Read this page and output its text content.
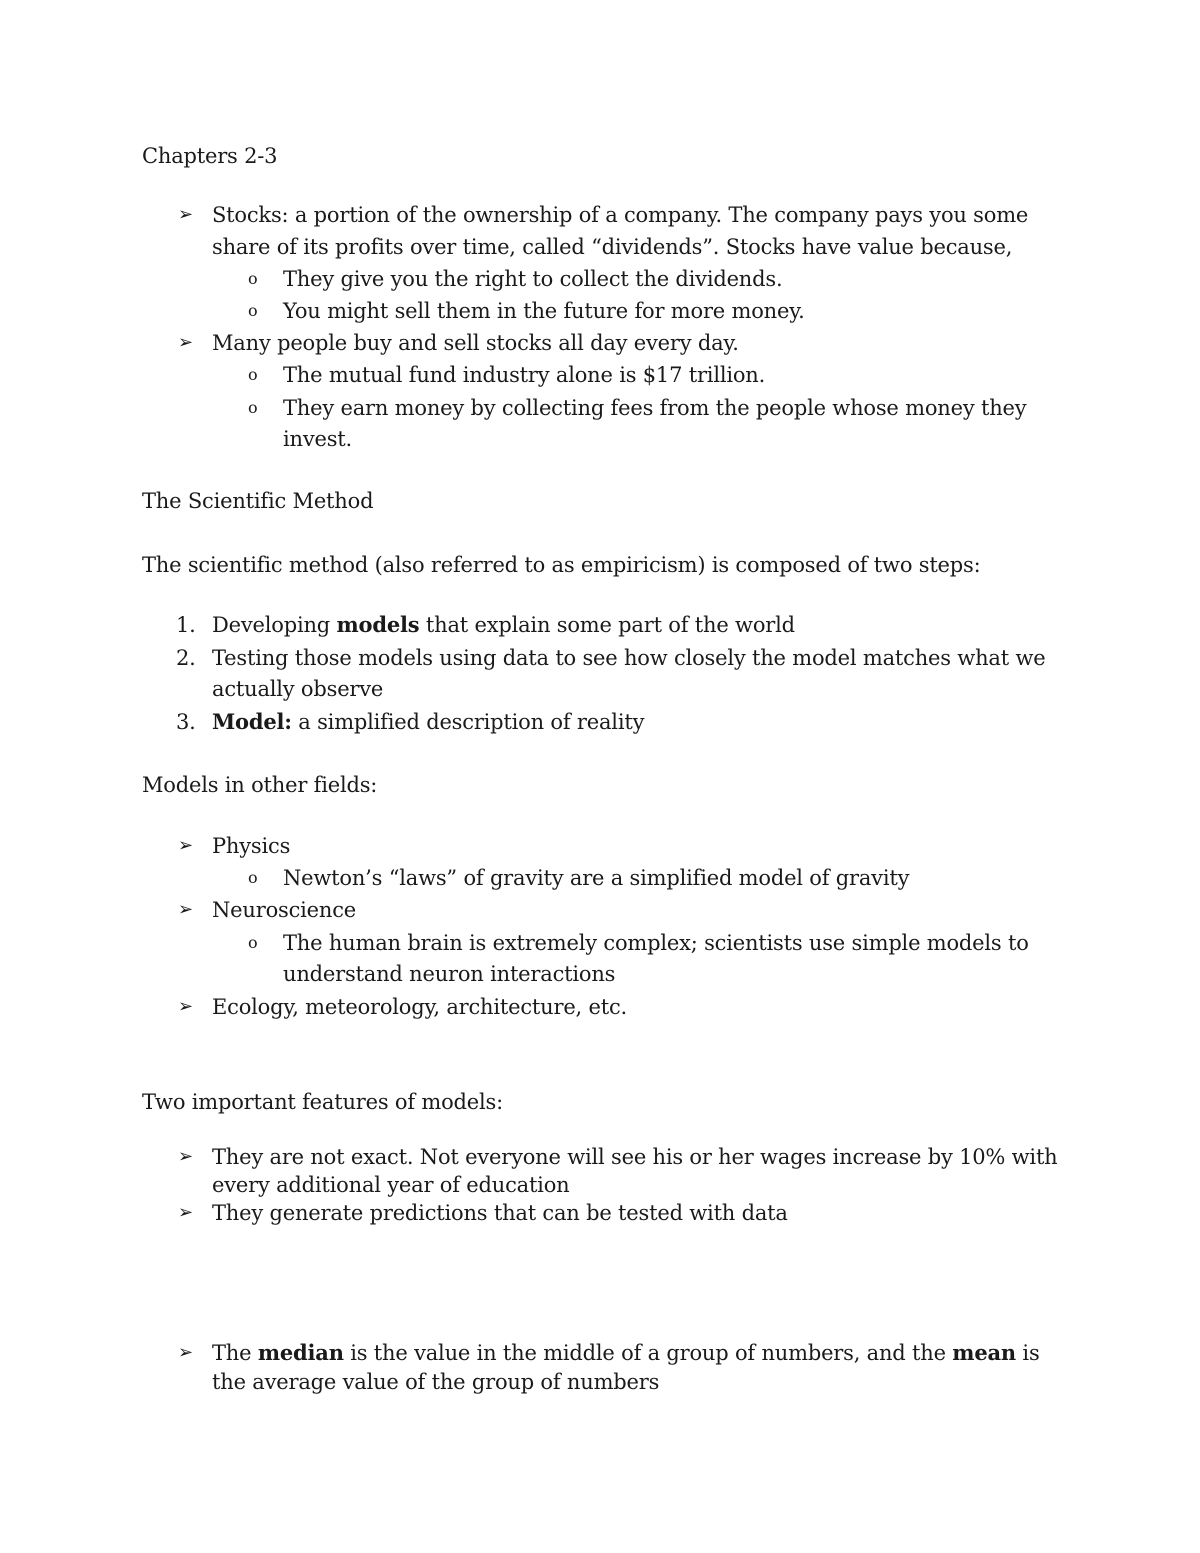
Chapters 2-3
➢ Stocks: a portion of the ownership of a company. The company pays you some
share of its profits over time, called “dividends”. Stocks have value because,
o They give you the right to collect the dividends.
o You might sell them in the future for more money.
➢ Many people buy and sell stocks all day every day.
o The mutual fund industry alone is $17 trillion.
o They earn money by collecting fees from the people whose money they
invest.
The Scientific Method
The scientific method (also referred to as empiricism) is composed of two steps:
1. Developing models that explain some part of the world
2. Testing those models using data to see how closely the model matches what we
actually observe
3. Model: a simplified description of reality
Models in other fields:
➢ Physics
o Newton’s “laws” of gravity are a simplified model of gravity
➢ Neuroscience
o The human brain is extremely complex; scientists use simple models to
understand neuron interactions
➢ Ecology, meteorology, architecture, etc.
Two important features of models:
➢ They are not exact. Not everyone will see his or her wages increase by 10% with
every additional year of education
➢ They generate predictions that can be tested with data
➢ The median is the value in the middle of a group of numbers, and the mean is
the average value of the group of numbers
